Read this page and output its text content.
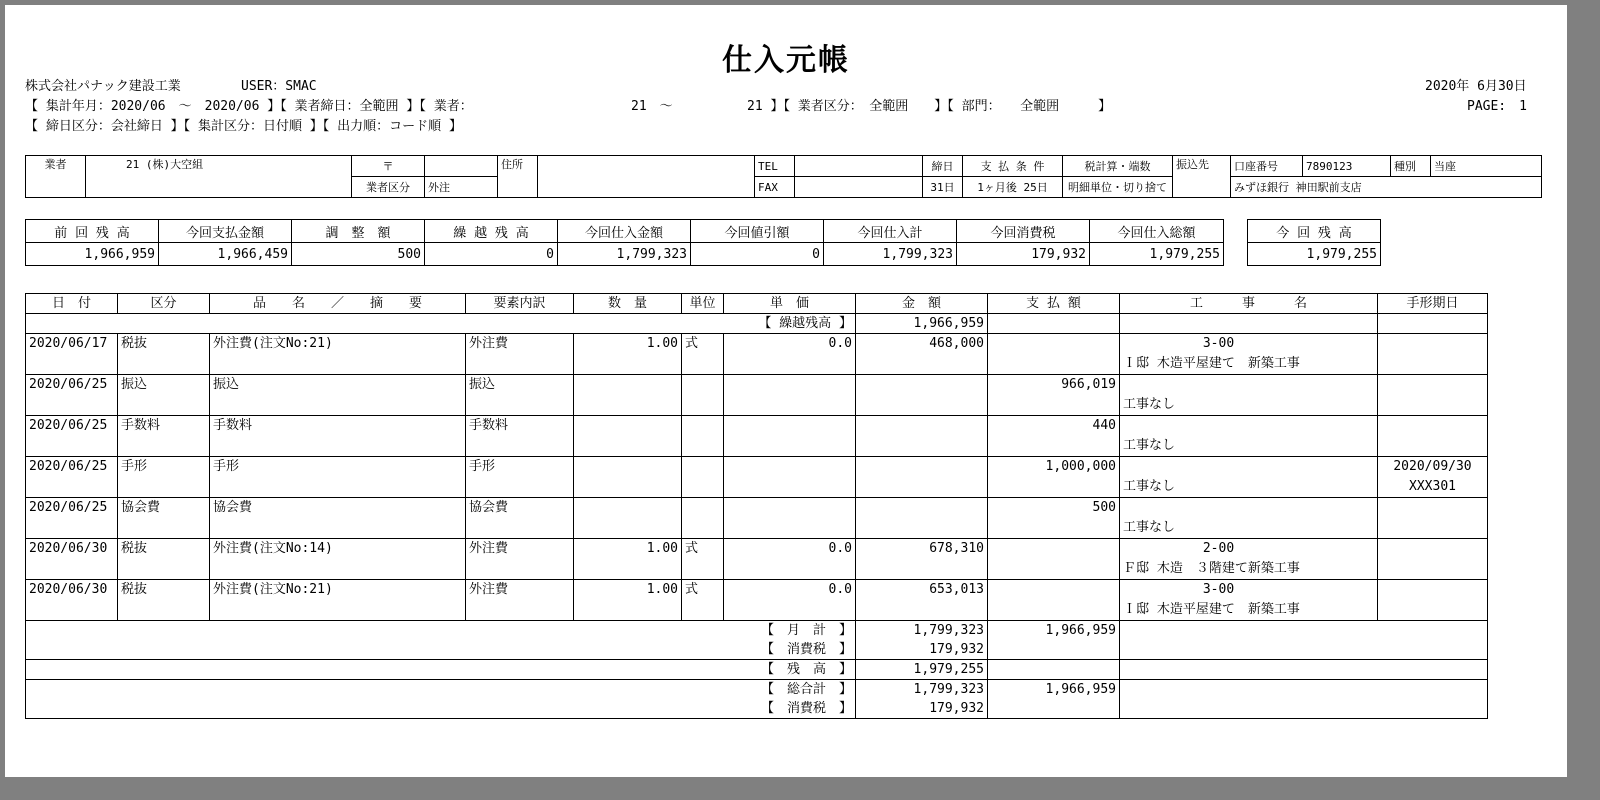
仕入元帳
株式会社パナック建設工業	USER：SMAC	2020年 6月30日
【 集計年月：2020/06　～　2020/06 】【 業者締日：全範囲 】【 業者：	21　～	21 】【 業者区分：　全範囲　　】【 部門：　　全範囲　　　】	PAGE:　1
【 締日区分：会社締日 】【 集計区分：日付順 】【 出力順：コード順 】
業者	21 (株)大空組	〒		住所		TEL		締日	支 払 条 件	税計算・端数	振込先	口座番号	7890123	種別	当座
		業者区分	外注			FAX		31日	1ヶ月後 25日	明細単位・切り捨て		みずほ銀行 神田駅前支店			
前 回 残 高	今回支払金額	調　整　額	繰 越 残 高	今回仕入金額	今回値引額	今回仕入計	今回消費税	今回仕入総額
1,966,959	1,966,459	500	0	1,799,323	0	1,799,323	179,932	1,979,255
今 回 残 高
1,979,255
日　付	区分	品　　名　　／　　摘　　要	要素内訳	数　量	単位	単　価	金　額	支 払 額	工　　　事　　　名	手形期日
【 繰越残高 】							1,966,959			
2020/06/17	税抜	外注費(注文No:21)	外注費	1.00	式	0.0	468,000		3-00
Ｉ邸 木造平屋建て　新築工事	

2020/06/25	振込	振込	振込					966,019	工事なし	

2020/06/25	手数料	手数料	手数料					440	工事なし	

2020/06/25	手形	手形	手形					1,000,000	工事なし	2020/09/30
XXX301

2020/06/25	協会費	協会費	協会費					500	工事なし	

2020/06/30	税抜	外注費(注文No:14)	外注費	1.00	式	0.0	678,310		2-00
Ｆ邸 木造　３階建て新築工事	

2020/06/30	税抜	外注費(注文No:21)	外注費	1.00	式	0.0	653,013		3-00
Ｉ邸 木造平屋建て　新築工事	

【　月　計　】							1,799,323	1,966,959		
【　消費税　】							179,932			
【　残　高　】							1,979,255			
【　総合計　】							1,799,323	1,966,959		
【　消費税　】							179,932			
